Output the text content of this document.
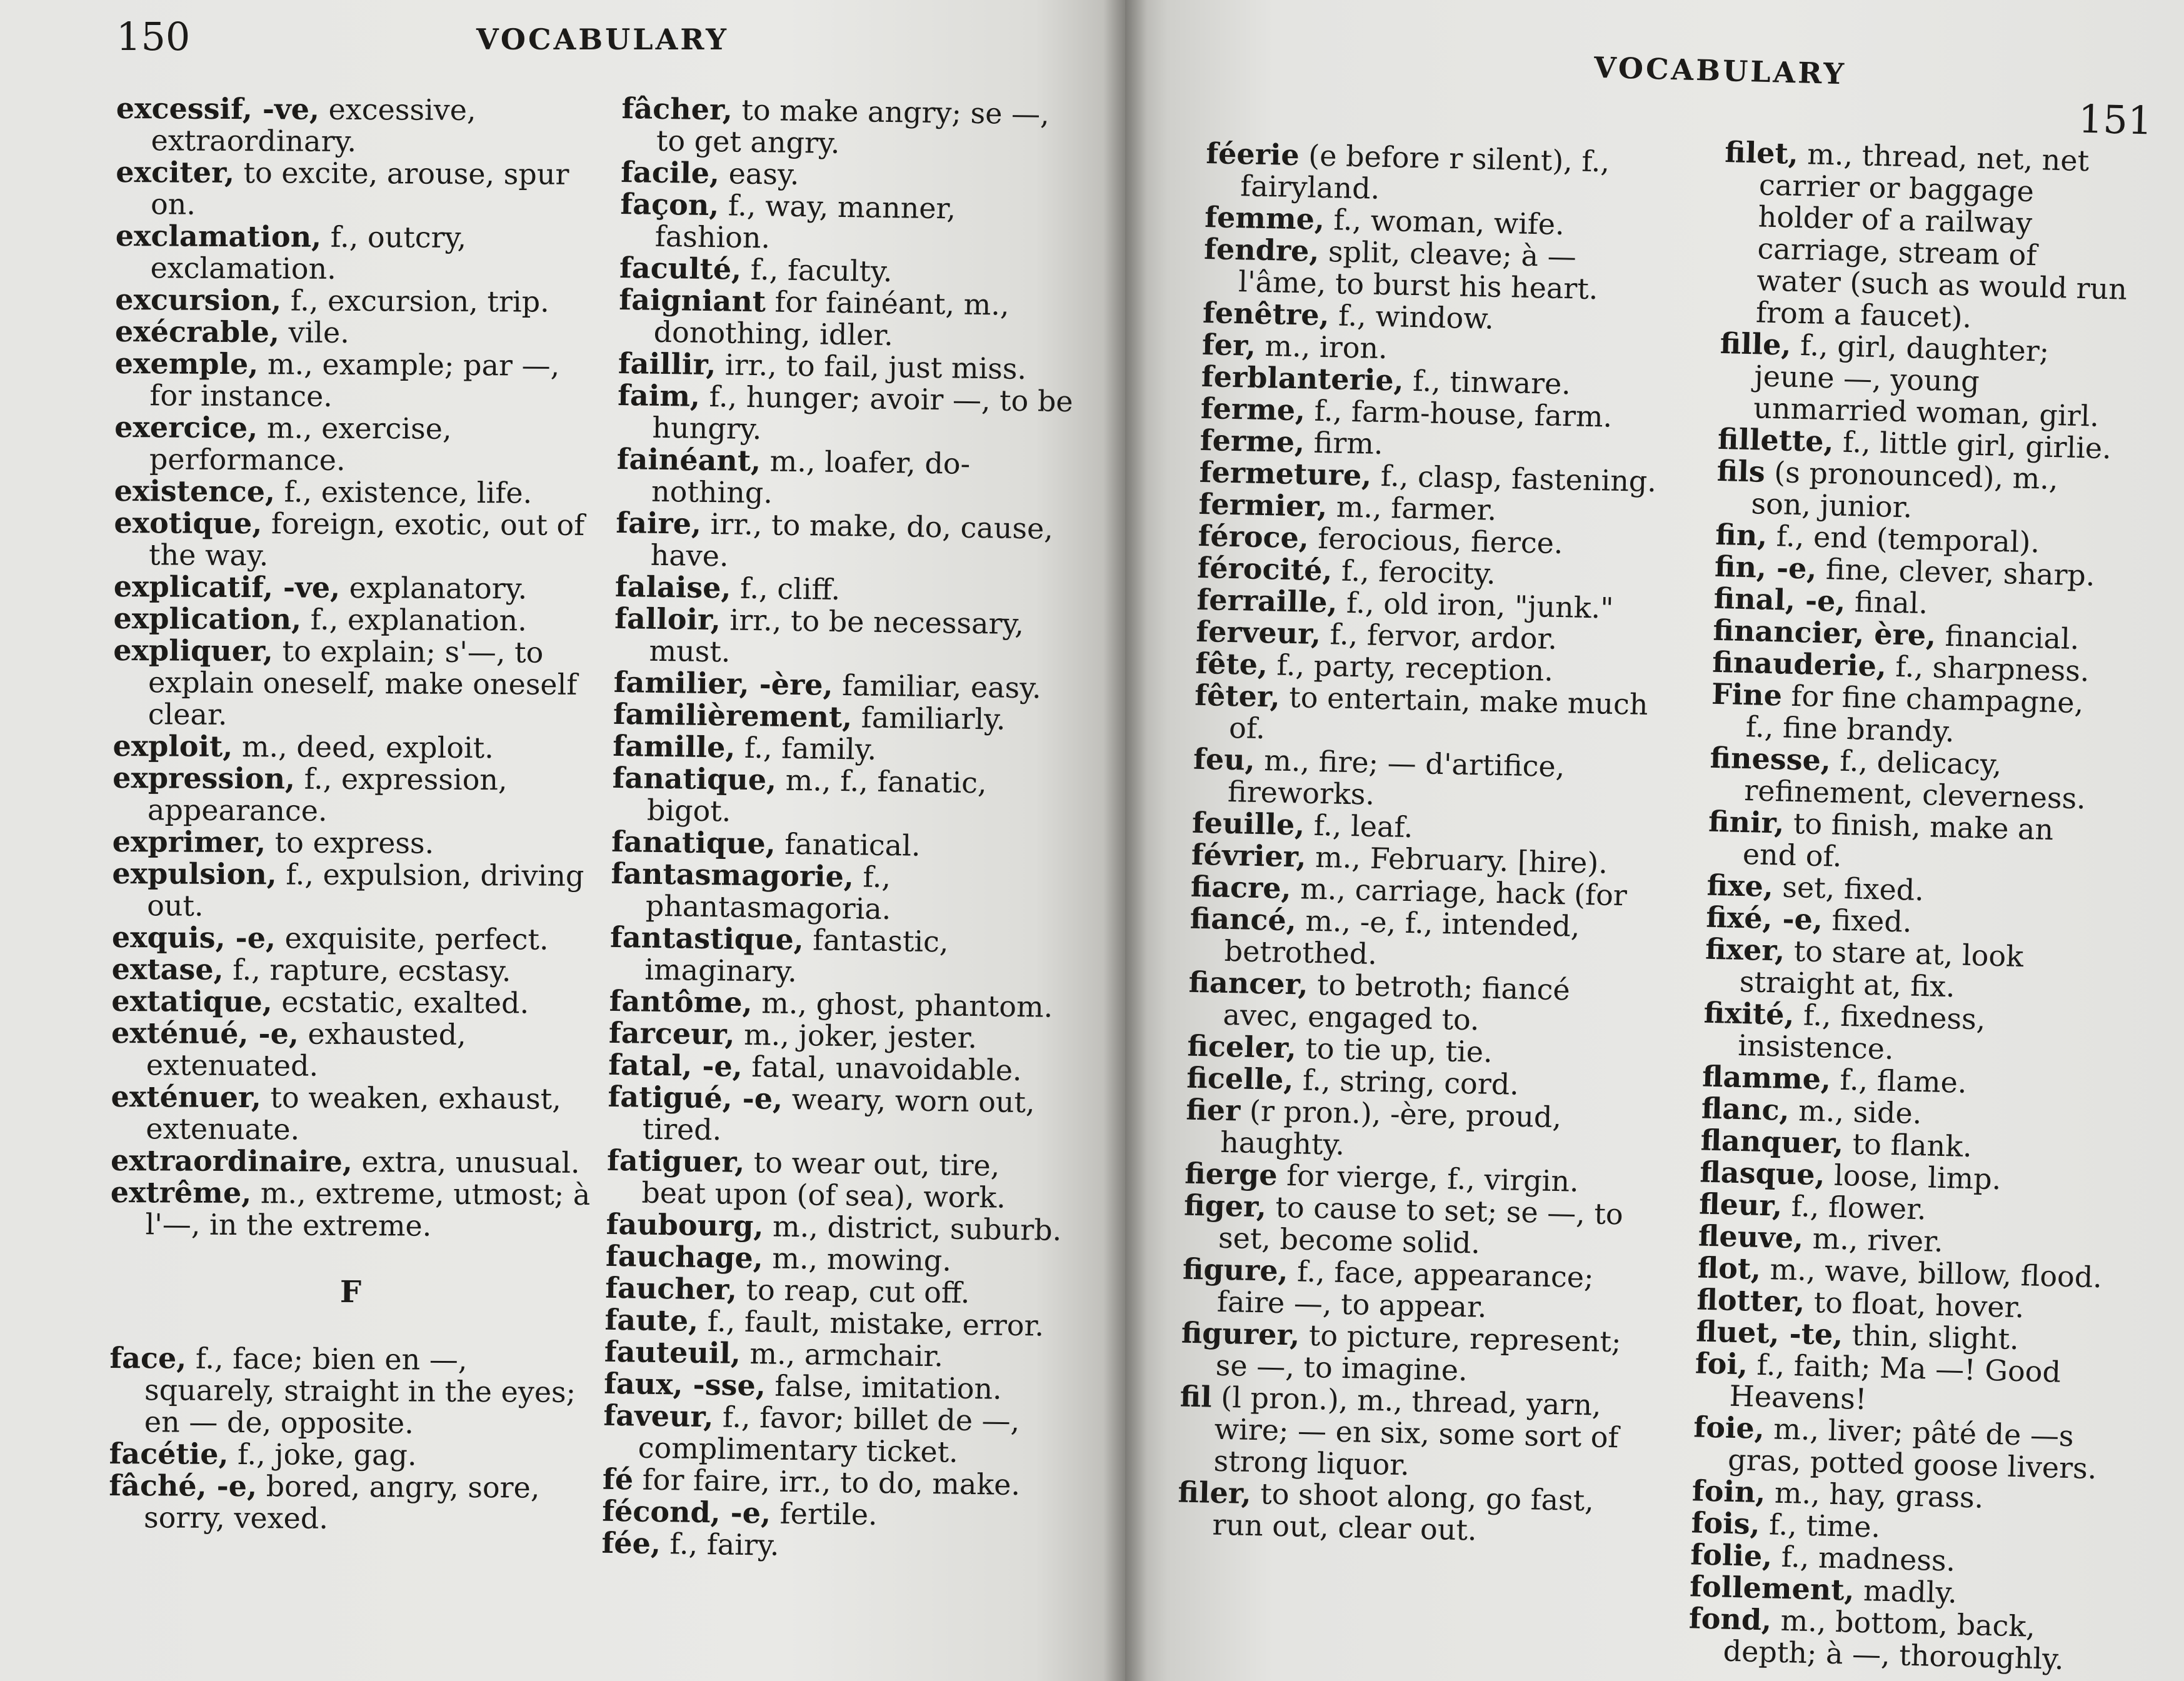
150	VOCABULARY

excessif, -ve, excessive, extraordinary.

exciter, to excite, arouse, spur on.

exclamation, f., outcry, exclamation.

excursion, f., excursion, trip.

exécrable, vile.

exemple, m., example; par —, for instance.

exercice, m., exercise, performance.

existence, f., existence, life.

exotique, foreign, exotic, out of the way.

explicatif, -ve, explanatory.

explication, f., explanation.

expliquer, to explain; s'—, to explain oneself, make oneself clear.

exploit, m., deed, exploit.

expression, f., expression, appearance.

exprimer, to express.

expulsion, f., expulsion, driving out.

exquis, -e, exquisite, perfect.

extase, f., rapture, ecstasy.

extatique, ecstatic, exalted.

exténué, -e, exhausted, extenuated.

exténuer, to weaken, exhaust, extenuate.

extraordinaire, extra, unusual.

extrême, m., extreme, utmost; à l'—, in the extreme.

F

face, f., face; bien en —, squarely, straight in the eyes; en — de, opposite.

facétie, f., joke, gag.

fâché, -e, bored, angry, sore, sorry, vexed.

fâcher, to make angry; se —, to get angry.

facile, easy.

façon, f., way, manner, fashion.

faculté, f., faculty.

faigniant for fainéant, m., donothing, idler.

faillir, irr., to fail, just miss.

faim, f., hunger; avoir —, to be hungry.

fainéant, m., loafer, do-nothing.

faire, irr., to make, do, cause, have.

falaise, f., cliff.

falloir, irr., to be necessary, must.

familier, -ère, familiar, easy.

familièrement, familiarly.

famille, f., family.

fanatique, m., f., fanatic, bigot.

fanatique, fanatical.

fantasmagorie, f., phantasmagoria.

fantastique, fantastic, imaginary.

fantôme, m., ghost, phantom.

farceur, m., joker, jester.

fatal, -e, fatal, unavoidable.

fatigué, -e, weary, worn out, tired.

fatiguer, to wear out, tire, beat upon (of sea), work.

faubourg, m., district, suburb.

fauchage, m., mowing.

faucher, to reap, cut off.

faute, f., fault, mistake, error.

fauteuil, m., armchair.

faux, -sse, false, imitation.

faveur, f., favor; billet de —, complimentary ticket.

fé for faire, irr., to do, make.

fécond, -e, fertile.

fée, f., fairy.

VOCABULARY
151

féerie (e before r silent), f., fairyland.

femme, f., woman, wife.

fendre, split, cleave; à — l'âme, to burst his heart.

fenêtre, f., window.

fer, m., iron.

ferblanterie, f., tinware.

ferme, f., farm-house, farm.

ferme, firm.

fermeture, f., clasp, fastening.

fermier, m., farmer.

féroce, ferocious, fierce.

férocité, f., ferocity.

ferraille, f., old iron, "junk."

ferveur, f., fervor, ardor.

fête, f., party, reception.

fêter, to entertain, make much of.

feu, m., fire; — d'artifice, fireworks.

feuille, f., leaf.

février, m., February. [hire).

fiacre, m., carriage, hack (for

fiancé, m., -e, f., intended, betrothed.

fiancer, to betroth; fiancé avec, engaged to.

ficeler, to tie up, tie.

ficelle, f., string, cord.

fier (r pron.), -ère, proud, haughty.

fierge for vierge, f., virgin.

figer, to cause to set; se —, to set, become solid.

figure, f., face, appearance; faire —, to appear.

figurer, to picture, represent; se —, to imagine.

fil (l pron.), m., thread, yarn, wire; — en six, some sort of strong liquor.

filer, to shoot along, go fast, run out, clear out.

filet, m., thread, net, net carrier or baggage holder of a railway carriage, stream of water (such as would run from a faucet).

fille, f., girl, daughter; jeune —, young unmarried woman, girl.

fillette, f., little girl, girlie.

fils (s pronounced), m., son, junior.

fin, f., end (temporal).

fin, -e, fine, clever, sharp.

final, -e, final.

financier, ère, financial.

finauderie, f., sharpness.

Fine for fine champagne, f., fine brandy.

finesse, f., delicacy, refinement, cleverness.

finir, to finish, make an end of.

fixe, set, fixed.

fixé, -e, fixed.

fixer, to stare at, look straight at, fix.

fixité, f., fixedness, insistence.

flamme, f., flame.

flanc, m., side.

flanquer, to flank.

flasque, loose, limp.

fleur, f., flower.

fleuve, m., river.

flot, m., wave, billow, flood.

flotter, to float, hover.

fluet, -te, thin, slight.

foi, f., faith; Ma —! Good Heavens!

foie, m., liver; pâté de —s gras, potted goose livers.

foin, m., hay, grass.

fois, f., time.

folie, f., madness.

follement, madly.

fond, m., bottom, back, depth; à —, thoroughly.
